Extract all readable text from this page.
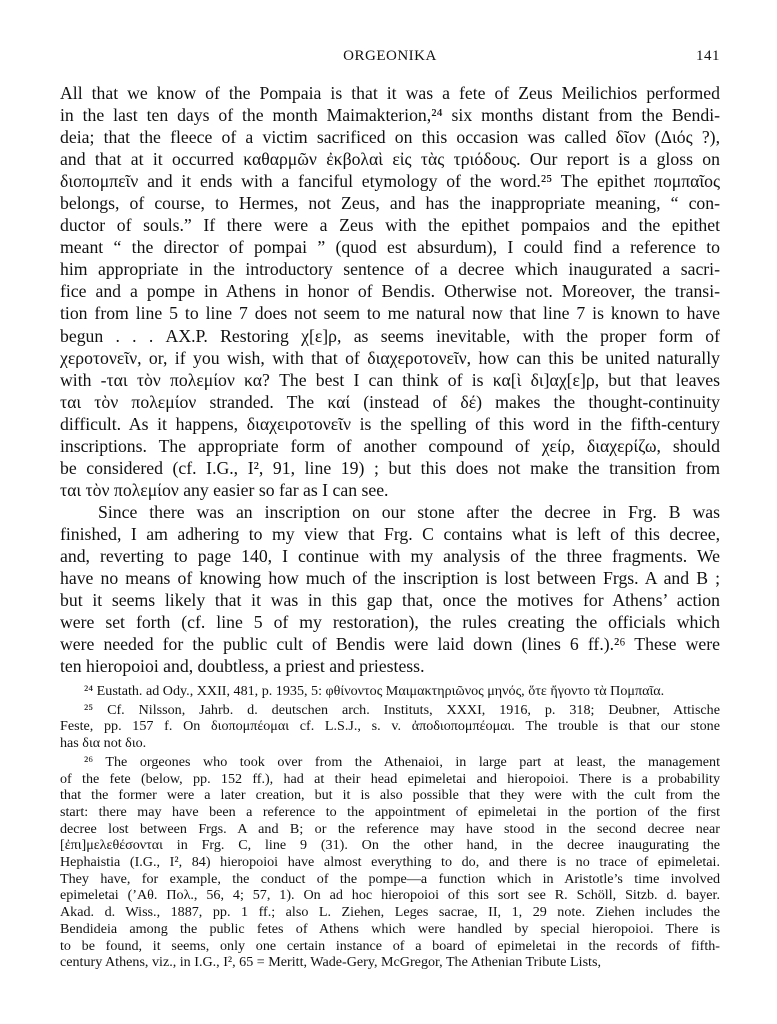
ORGEONIKA	141

All that we know of the Pompaia is that it was a fete of Zeus Meilichios performed

in the last ten days of the month Maimakterion,²⁴ six months distant from the Bendi-

deia; that the fleece of a victim sacrificed on this occasion was called δῖον (Διός ?),

and that at it occurred καθαρμῶν ἐκβολαὶ εἰς τὰς τριόδους. Our report is a gloss on

διοπομπεῖν and it ends with a fanciful etymology of the word.²⁵ The epithet πομπαῖος

belongs, of course, to Hermes, not Zeus, and has the inappropriate meaning, “ con-

ductor of souls.” If there were a Zeus with the epithet pompaios and the epithet

meant “ the director of pompai ” (quod est absurdum), I could find a reference to

him appropriate in the introductory sentence of a decree which inaugurated a sacri-

fice and a pompe in Athens in honor of Bendis. Otherwise not. Moreover, the transi-

tion from line 5 to line 7 does not seem to me natural now that line 7 is known to have

begun . . . ΑΧ.Ρ. Restoring χ[ε]ρ, as seems inevitable, with the proper form of

χεροτονεῖν, or, if you wish, with that of διαχεροτονεῖν, how can this be united naturally

with -ται τὸν πολεμίον κα? The best I can think of is κα[ὶ δι]αχ[ε]ρ, but that leaves

ται τὸν πολεμίον stranded. The καί (instead of δέ) makes the thought-continuity

difficult. As it happens, διαχειροτονεῖν is the spelling of this word in the fifth-century

inscriptions. The appropriate form of another compound of χείρ, διαχερίζω, should

be considered (cf. I.G., I², 91, line 19) ; but this does not make the transition from

ται τὸν πολεμίον any easier so far as I can see.

Since there was an inscription on our stone after the decree in Frg. B was

finished, I am adhering to my view that Frg. C contains what is left of this decree,

and, reverting to page 140, I continue with my analysis of the three fragments. We

have no means of knowing how much of the inscription is lost between Frgs. A and B ;

but it seems likely that it was in this gap that, once the motives for Athens’ action

were set forth (cf. line 5 of my restoration), the rules creating the officials which

were needed for the public cult of Bendis were laid down (lines 6 ff.).²⁶ These were

ten hieropoioi and, doubtless, a priest and priestess.

²⁴ Eustath. ad Ody., XXII, 481, p. 1935, 5: φθίνοντος Μαιμακτηριῶνος μηνός, ὅτε ἤγοντο τὰ Πομπαῖα.

²⁵ Cf. Nilsson, Jahrb. d. deutschen arch. Instituts, XXXI, 1916, p. 318; Deubner, Attische

Feste, pp. 157 f. On διοπομπέομαι cf. L.S.J., s. v. ἀποδιοπομπέομαι. The trouble is that our stone

has δια not διο.

²⁶ The orgeones who took over from the Athenaioi, in large part at least, the management

of the fete (below, pp. 152 ff.), had at their head epimeletai and hieropoioi. There is a probability

that the former were a later creation, but it is also possible that they were with the cult from the

start: there may have been a reference to the appointment of epimeletai in the portion of the first

decree lost between Frgs. A and B; or the reference may have stood in the second decree near

[ἐπι]μελεθέσονται in Frg. C, line 9 (31). On the other hand, in the decree inaugurating the

Hephaistia (I.G., I², 84) hieropoioi have almost everything to do, and there is no trace of epimeletai.

They have, for example, the conduct of the pompe—a function which in Aristotle’s time involved

epimeletai (’Αθ. Πολ., 56, 4; 57, 1). On ad hoc hieropoioi of this sort see R. Schöll, Sitzb. d. bayer.

Akad. d. Wiss., 1887, pp. 1 ff.; also L. Ziehen, Leges sacrae, II, 1, 29 note. Ziehen includes the

Bendideia among the public fetes of Athens which were handled by special hieropoioi. There is

to be found, it seems, only one certain instance of a board of epimeletai in the records of fifth-

century Athens, viz., in I.G., I², 65 = Meritt, Wade-Gery, McGregor, The Athenian Tribute Lists,
